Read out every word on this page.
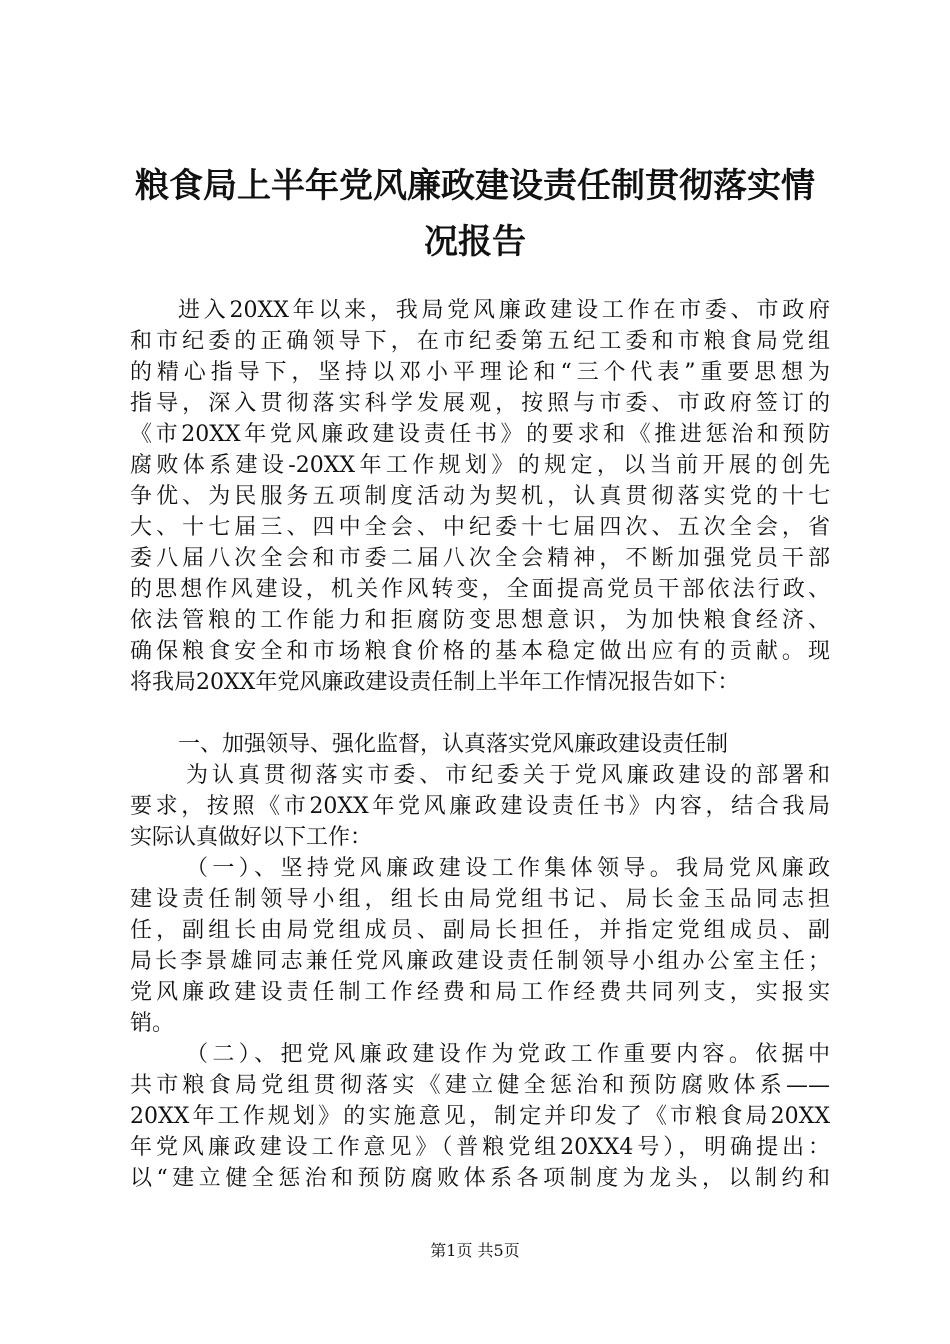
粮食局上半年党风廉政建设责任制贯彻落实情
况报告
进入20XX年以来，我局党风廉政建设工作在市委、市政府
和市纪委的正确领导下，在市纪委第五纪工委和市粮食局党组
的精心指导下，坚持以邓小平理论和“三个代表”重要思想为
指导，深入贯彻落实科学发展观，按照与市委、市政府签订的
《市20XX年党风廉政建设责任书》的要求和《推进惩治和预防
腐败体系建设-20XX年工作规划》的规定，以当前开展的创先
争优、为民服务五项制度活动为契机，认真贯彻落实党的十七
大、十七届三、四中全会、中纪委十七届四次、五次全会，省
委八届八次全会和市委二届八次全会精神，不断加强党员干部
的思想作风建设，机关作风转变，全面提高党员干部依法行政、
依法管粮的工作能力和拒腐防变思想意识，为加快粮食经济、
确保粮食安全和市场粮食价格的基本稳定做出应有的贡献。现
将我局20XX年党风廉政建设责任制上半年工作情况报告如下：
一、加强领导、强化监督，认真落实党风廉政建设责任制
为认真贯彻落实市委、市纪委关于党风廉政建设的部署和
要求，按照《市20XX年党风廉政建设责任书》内容，结合我局
实际认真做好以下工作：
（一）、坚持党风廉政建设工作集体领导。我局党风廉政
建设责任制领导小组，组长由局党组书记、局长金玉品同志担
任，副组长由局党组成员、副局长担任，并指定党组成员、副
局长李景雄同志兼任党风廉政建设责任制领导小组办公室主任；
党风廉政建设责任制工作经费和局工作经费共同列支，实报实
销。
（二）、把党风廉政建设作为党政工作重要内容。依据中
共市粮食局党组贯彻落实《建立健全惩治和预防腐败体系——
20XX年工作规划》的实施意见，制定并印发了《市粮食局20XX
年党风廉政建设工作意见》（普粮党组20XX4号），明确提出：
以“建立健全惩治和预防腐败体系各项制度为龙头，以制约和
第1页 共5页
